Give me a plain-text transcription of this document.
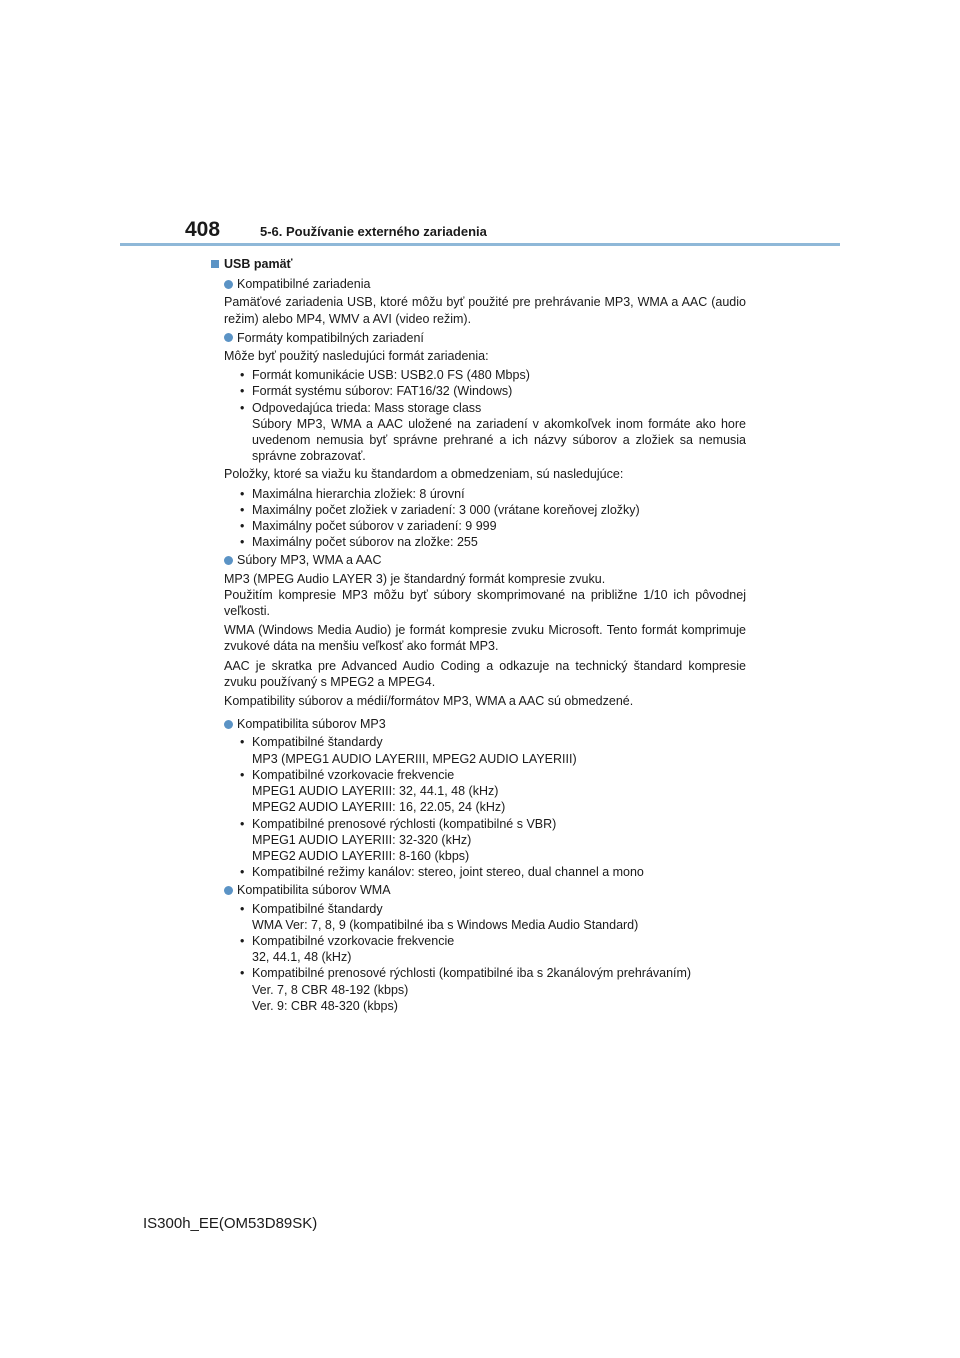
408	5-6. Používanie externého zariadenia
USB pamäť
Kompatibilné zariadenia
Pamäťové zariadenia USB, ktoré môžu byť použité pre prehrávanie MP3, WMA a AAC (audio režim) alebo MP4, WMV a AVI (video režim).
Formáty kompatibilných zariadení
Môže byť použitý nasledujúci formát zariadenia:
• Formát komunikácie USB: USB2.0 FS (480 Mbps)
• Formát systému súborov: FAT16/32 (Windows)
• Odpovedajúca trieda: Mass storage class
Súbory MP3, WMA a AAC uložené na zariadení v akomkoľvek inom formáte ako hore uvedenom nemusia byť správne prehrané a ich názvy súborov a zložiek sa nemusia správne zobrazovať.
Položky, ktoré sa viažu ku štandardom a obmedzeniam, sú nasledujúce:
• Maximálna hierarchia zložiek: 8 úrovní
• Maximálny počet zložiek v zariadení: 3 000 (vrátane koreňovej zložky)
• Maximálny počet súborov v zariadení: 9 999
• Maximálny počet súborov na zložke: 255
Súbory MP3, WMA a AAC
MP3 (MPEG Audio LAYER 3) je štandardný formát kompresie zvuku.
Použitím kompresie MP3 môžu byť súbory skomprimované na približne 1/10 ich pôvodnej veľkosti.
WMA (Windows Media Audio) je formát kompresie zvuku Microsoft. Tento formát komprimuje zvukové dáta na menšiu veľkosť ako formát MP3.
AAC je skratka pre Advanced Audio Coding a odkazuje na technický štandard kompresie zvuku používaný s MPEG2 a MPEG4.
Kompatibility súborov a médií/formátov MP3, WMA a AAC sú obmedzené.
Kompatibilita súborov MP3
• Kompatibilné štandardy
MP3 (MPEG1 AUDIO LAYERIII, MPEG2 AUDIO LAYERIII)
• Kompatibilné vzorkovacie frekvencie
MPEG1 AUDIO LAYERIII: 32, 44.1, 48 (kHz)
MPEG2 AUDIO LAYERIII: 16, 22.05, 24 (kHz)
• Kompatibilné prenosové rýchlosti (kompatibilné s VBR)
MPEG1 AUDIO LAYERIII: 32-320 (kHz)
MPEG2 AUDIO LAYERIII: 8-160 (kbps)
• Kompatibilné režimy kanálov: stereo, joint stereo, dual channel a mono
Kompatibilita súborov WMA
• Kompatibilné štandardy
WMA Ver: 7, 8, 9 (kompatibilné iba s Windows Media Audio Standard)
• Kompatibilné vzorkovacie frekvencie
32, 44.1, 48 (kHz)
• Kompatibilné prenosové rýchlosti (kompatibilné iba s 2kanálovým prehrávaním)
Ver. 7, 8 CBR 48-192 (kbps)
Ver. 9: CBR 48-320 (kbps)
IS300h_EE(OM53D89SK)
